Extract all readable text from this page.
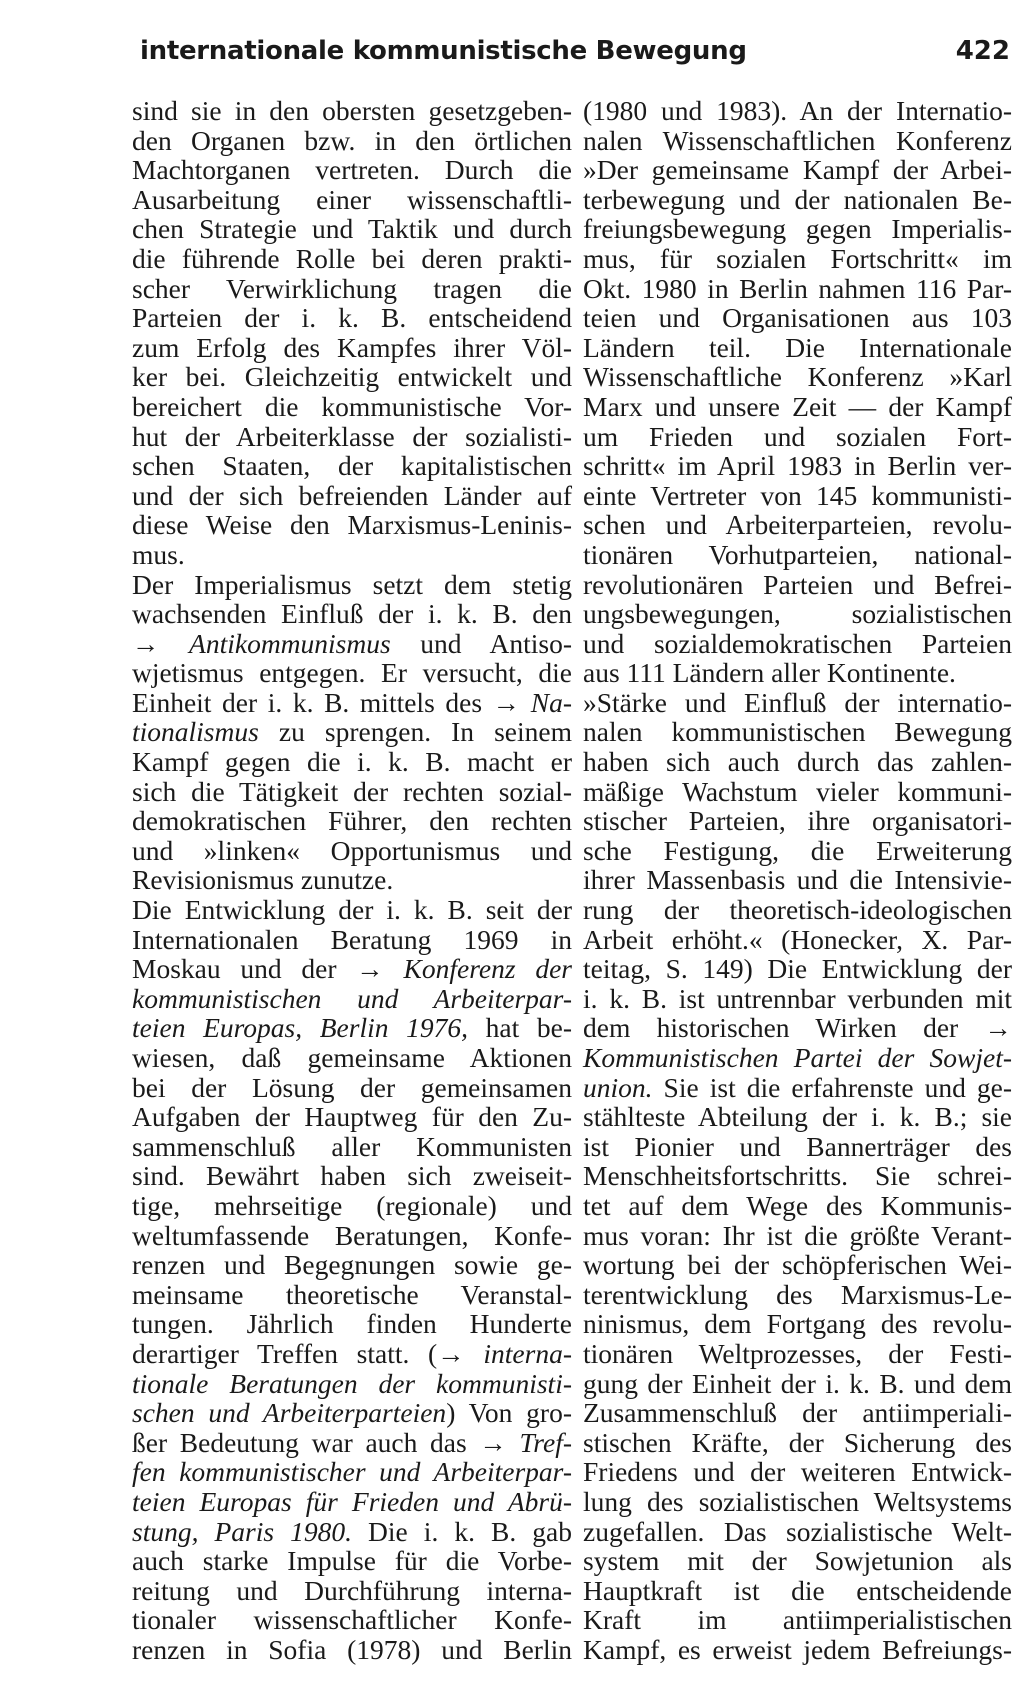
internationale kommunistische Bewegung	422
sind sie in den obersten gesetzgeben-
den Organen bzw. in den örtlichen
Machtorganen vertreten. Durch die
Ausarbeitung einer wissenschaftli-
chen Strategie und Taktik und durch
die führende Rolle bei deren prakti-
scher Verwirklichung tragen die
Parteien der i. k. B. entscheidend
zum Erfolg des Kampfes ihrer Völ-
ker bei. Gleichzeitig entwickelt und
bereichert die kommunistische Vor-
hut der Arbeiterklasse der sozialisti-
schen Staaten, der kapitalistischen
und der sich befreienden Länder auf
diese Weise den Marxismus-Leninis-
mus.
Der Imperialismus setzt dem stetig
wachsenden Einfluß der i. k. B. den
→ Antikommunismus und Antiso-
wjetismus entgegen. Er versucht, die
Einheit der i. k. B. mittels des → Na-
tionalismus zu sprengen. In seinem
Kampf gegen die i. k. B. macht er
sich die Tätigkeit der rechten sozial-
demokratischen Führer, den rechten
und »linken« Opportunismus und
Revisionismus zunutze.
Die Entwicklung der i. k. B. seit der
Internationalen Beratung 1969 in
Moskau und der → Konferenz der
kommunistischen und Arbeiterpar-
teien Europas, Berlin 1976, hat be-
wiesen, daß gemeinsame Aktionen
bei der Lösung der gemeinsamen
Aufgaben der Hauptweg für den Zu-
sammenschluß aller Kommunisten
sind. Bewährt haben sich zweiseit-
tige, mehrseitige (regionale) und
weltumfassende Beratungen, Konfe-
renzen und Begegnungen sowie ge-
meinsame theoretische Veranstal-
tungen. Jährlich finden Hunderte
derartiger Treffen statt. (→ interna-
tionale Beratungen der kommunisti-
schen und Arbeiterparteien) Von gro-
ßer Bedeutung war auch das → Tref-
fen kommunistischer und Arbeiterpar-
teien Europas für Frieden und Abrü-
stung, Paris 1980. Die i. k. B. gab
auch starke Impulse für die Vorbe-
reitung und Durchführung interna-
tionaler wissenschaftlicher Konfe-
renzen in Sofia (1978) und Berlin
(1980 und 1983). An der Internatio-
nalen Wissenschaftlichen Konferenz
»Der gemeinsame Kampf der Arbei-
terbewegung und der nationalen Be-
freiungsbewegung gegen Imperialis-
mus, für sozialen Fortschritt« im
Okt. 1980 in Berlin nahmen 116 Par-
teien und Organisationen aus 103
Ländern teil. Die Internationale
Wissenschaftliche Konferenz »Karl
Marx und unsere Zeit — der Kampf
um Frieden und sozialen Fort-
schritt« im April 1983 in Berlin ver-
einte Vertreter von 145 kommunisti-
schen und Arbeiterparteien, revolu-
tionären Vorhutparteien, national-
revolutionären Parteien und Befrei-
ungsbewegungen, sozialistischen
und sozialdemokratischen Parteien
aus 111 Ländern aller Kontinente.
»Stärke und Einfluß der internatio-
nalen kommunistischen Bewegung
haben sich auch durch das zahlen-
mäßige Wachstum vieler kommuni-
stischer Parteien, ihre organisatori-
sche Festigung, die Erweiterung
ihrer Massenbasis und die Intensivie-
rung der theoretisch-ideologischen
Arbeit erhöht.« (Honecker, X. Par-
teitag, S. 149) Die Entwicklung der
i. k. B. ist untrennbar verbunden mit
dem historischen Wirken der →
Kommunistischen Partei der Sowjet-
union. Sie ist die erfahrenste und ge-
stählteste Abteilung der i. k. B.; sie
ist Pionier und Bannerträger des
Menschheitsfortschritts. Sie schrei-
tet auf dem Wege des Kommunis-
mus voran: Ihr ist die größte Verant-
wortung bei der schöpferischen Wei-
terentwicklung des Marxismus-Le-
ninismus, dem Fortgang des revolu-
tionären Weltprozesses, der Festi-
gung der Einheit der i. k. B. und dem
Zusammenschluß der antiimperiali-
stischen Kräfte, der Sicherung des
Friedens und der weiteren Entwick-
lung des sozialistischen Weltsystems
zugefallen. Das sozialistische Welt-
system mit der Sowjetunion als
Hauptkraft ist die entscheidende
Kraft im antiimperialistischen
Kampf, es erweist jedem Befreiungs-
